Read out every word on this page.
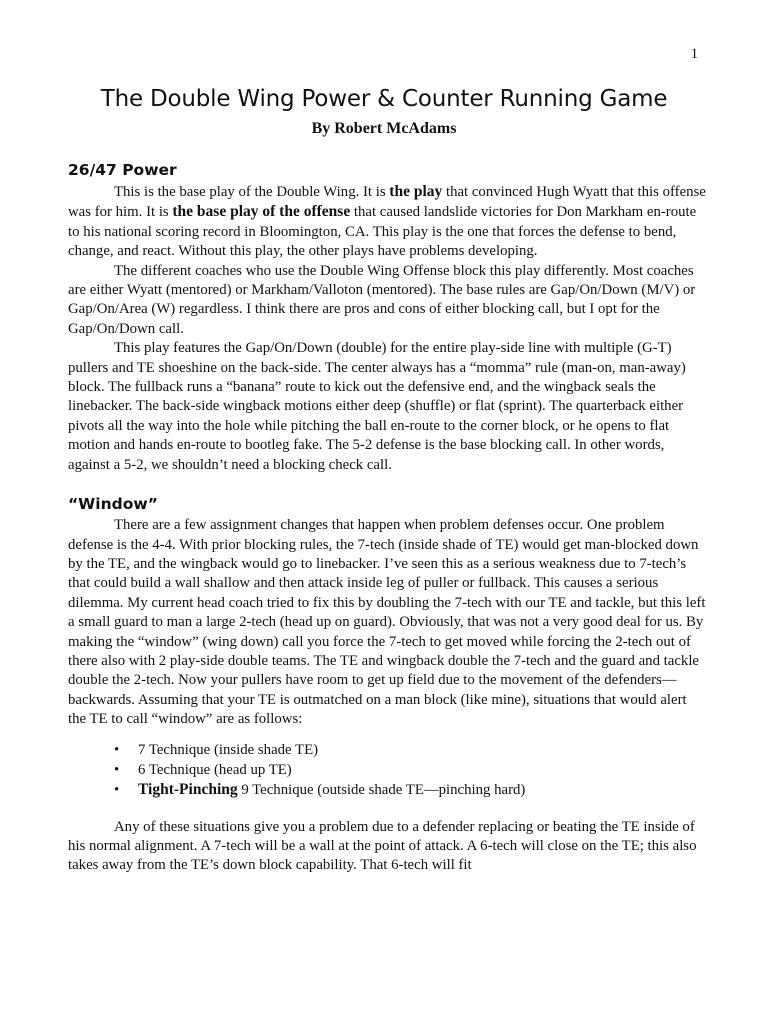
1
The Double Wing Power & Counter Running Game
By Robert McAdams
26/47 Power

This is the base play of the Double Wing. It is the play that convinced Hugh Wyatt that this offense was for him. It is the base play of the offense that caused landslide victories for Don Markham en-route to his national scoring record in Bloomington, CA. This play is the one that forces the defense to bend, change, and react. Without this play, the other plays have problems developing.

The different coaches who use the Double Wing Offense block this play differently. Most coaches are either Wyatt (mentored) or Markham/Valloton (mentored). The base rules are Gap/On/Down (M/V) or Gap/On/Area (W) regardless. I think there are pros and cons of either blocking call, but I opt for the Gap/On/Down call.

This play features the Gap/On/Down (double) for the entire play-side line with multiple (G-T) pullers and TE shoeshine on the back-side. The center always has a “momma” rule (man-on, man-away) block. The fullback runs a “banana” route to kick out the defensive end, and the wingback seals the linebacker. The back-side wingback motions either deep (shuffle) or flat (sprint). The quarterback either pivots all the way into the hole while pitching the ball en-route to the corner block, or he opens to flat motion and hands en-route to bootleg fake. The 5-2 defense is the base blocking call. In other words, against a 5-2, we shouldn’t need a blocking check call.

“Window”

There are a few assignment changes that happen when problem defenses occur. One problem defense is the 4-4. With prior blocking rules, the 7-tech (inside shade of TE) would get man-blocked down by the TE, and the wingback would go to linebacker. I’ve seen this as a serious weakness due to 7-tech’s that could build a wall shallow and then attack inside leg of puller or fullback. This causes a serious dilemma. My current head coach tried to fix this by doubling the 7-tech with our TE and tackle, but this left a small guard to man a large 2-tech (head up on guard). Obviously, that was not a very good deal for us. By making the “window” (wing down) call you force the 7-tech to get moved while forcing the 2-tech out of there also with 2 play-side double teams. The TE and wingback double the 7-tech and the guard and tackle double the 2-tech. Now your pullers have room to get up field due to the movement of the defenders—backwards. Assuming that your TE is outmatched on a man block (like mine), situations that would alert the TE to call “window” are as follows:

• 7 Technique (inside shade TE)
• 6 Technique (head up TE)
• Tight-Pinching 9 Technique (outside shade TE—pinching hard)

Any of these situations give you a problem due to a defender replacing or beating the TE inside of his normal alignment. A 7-tech will be a wall at the point of attack. A 6-tech will close on the TE; this also takes away from the TE’s down block capability. That 6-tech will fit
